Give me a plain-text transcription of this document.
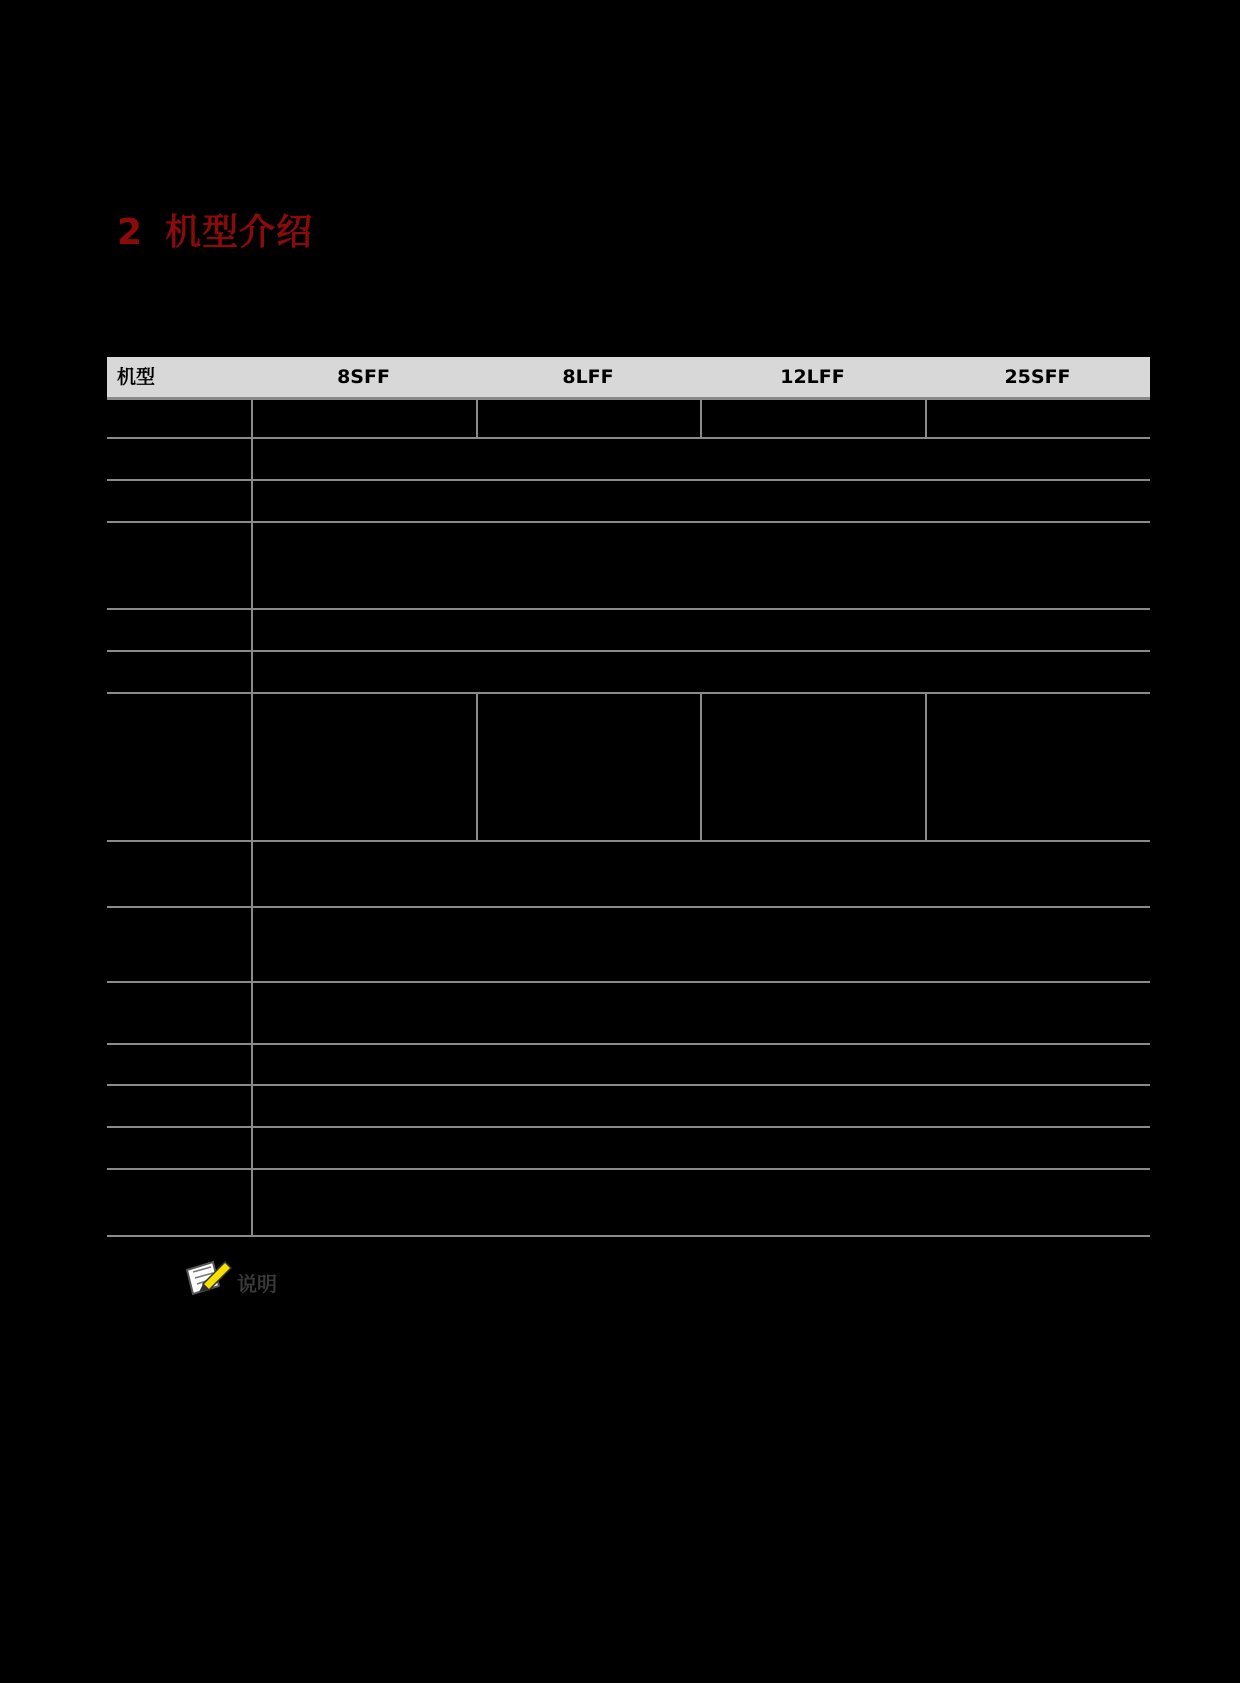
2 机型介绍
机型	8SFF	8LFF	12LFF	25SFF
说明
